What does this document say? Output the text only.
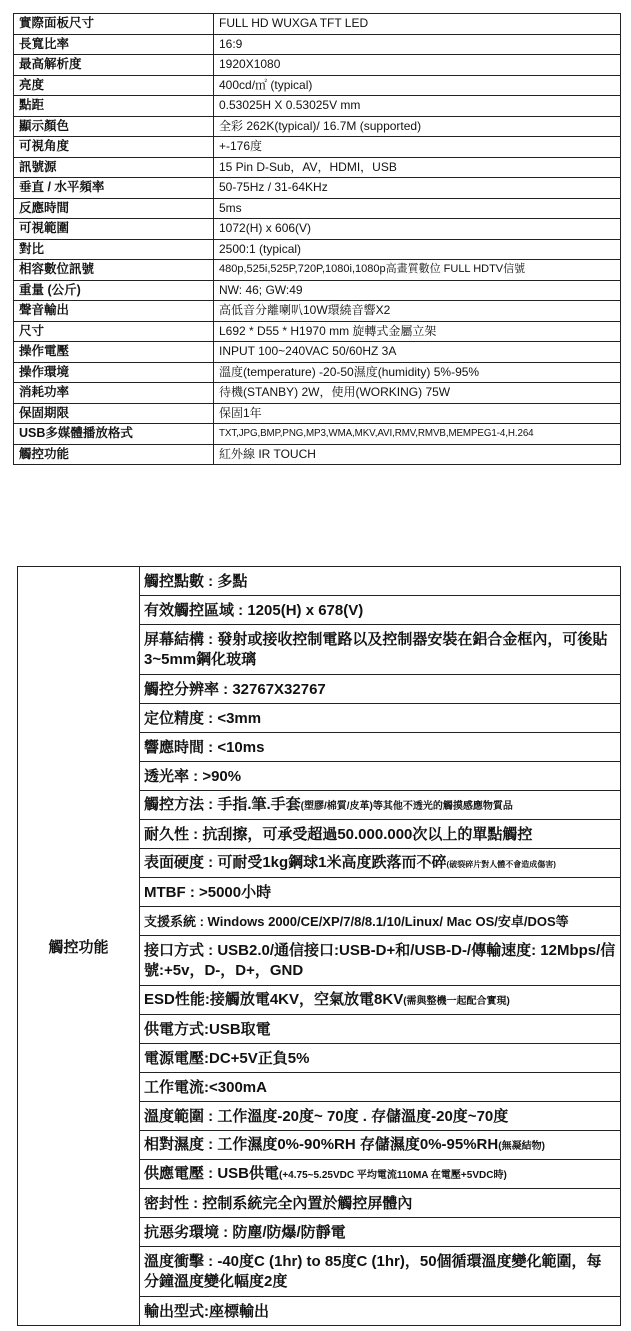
實際面板尺寸	FULL HD WUXGA TFT LED
長寬比率	16:9
最高解析度	1920X1080
亮度	400cd/㎡ (typical)
點距	0.53025H X 0.53025V mm
顯示顏色	全彩 262K(typical)/ 16.7M (supported)
可視角度	+-176度
訊號源	15 Pin D-Sub，AV，HDMI，USB
垂直 / 水平頻率	50-75Hz / 31-64KHz
反應時間	5ms
可視範圍	1072(H) x 606(V)
對比	2500:1 (typical)
相容數位訊號	480p,525i,525P,720P,1080i,1080p高畫質數位 FULL HDTV信號
重量 (公斤)	NW: 46; GW:49
聲音輸出	高低音分離喇叭10W環繞音響X2
尺寸	L692 * D55 * H1970 mm 旋轉式金屬立架
操作電壓	INPUT 100~240VAC 50/60HZ 3A
操作環境	溫度(temperature) -20-50濕度(humidity) 5%-95%
消耗功率	待機(STANBY) 2W，使用(WORKING) 75W
保固期限	保固1年
USB多媒體播放格式	TXT,JPG,BMP,PNG,MP3,WMA,MKV,AVI,RMV,RMVB,MEMPEG1-4,H.264
觸控功能	紅外線 IR TOUCH
觸控功能	觸控點數 : 多點
有效觸控區域 : 1205(H) x 678(V)
屏幕結構 : 發射或接收控制電路以及控制器安裝在鋁合金框內，可後貼3~5mm鋼化玻璃
觸控分辨率 : 32767X32767
定位精度 : <3mm
響應時間 : <10ms
透光率 : >90%
觸控方法 : 手指.筆.手套(塑膠/棉質/皮革)等其他不透光的觸摸感應物質品
耐久性 : 抗刮擦，可承受超過50.000.000次以上的單點觸控
表面硬度 : 可耐受1kg鋼球1米高度跌落而不碎(破裂碎片對人體不會造成傷害)
MTBF : >5000小時
支援系統 : Windows 2000/CE/XP/7/8/8.1/10/Linux/ Mac OS/安卓/DOS等
接口方式 : USB2.0/通信接口:USB-D+和/USB-D-/傳輸速度: 12Mbps/信號:+5v，D-，D+，GND
ESD性能:接觸放電4KV，空氣放電8KV(需與整機一起配合實現)
供電方式:USB取電
電源電壓:DC+5V正負5%
工作電流:<300mA
溫度範圍 : 工作溫度-20度~ 70度 . 存儲溫度-20度~70度
相對濕度 : 工作濕度0%-90%RH 存儲濕度0%-95%RH(無凝結物)
供應電壓 : USB供電(+4.75~5.25VDC 平均電流110MA 在電壓+5VDC時)
密封性 : 控制系統完全內置於觸控屏體內
抗惡劣環境 : 防塵/防爆/防靜電
溫度衝擊 : -40度C (1hr) to 85度C (1hr)，50個循環溫度變化範圍，每分鐘溫度變化幅度2度
輸出型式:座標輸出
